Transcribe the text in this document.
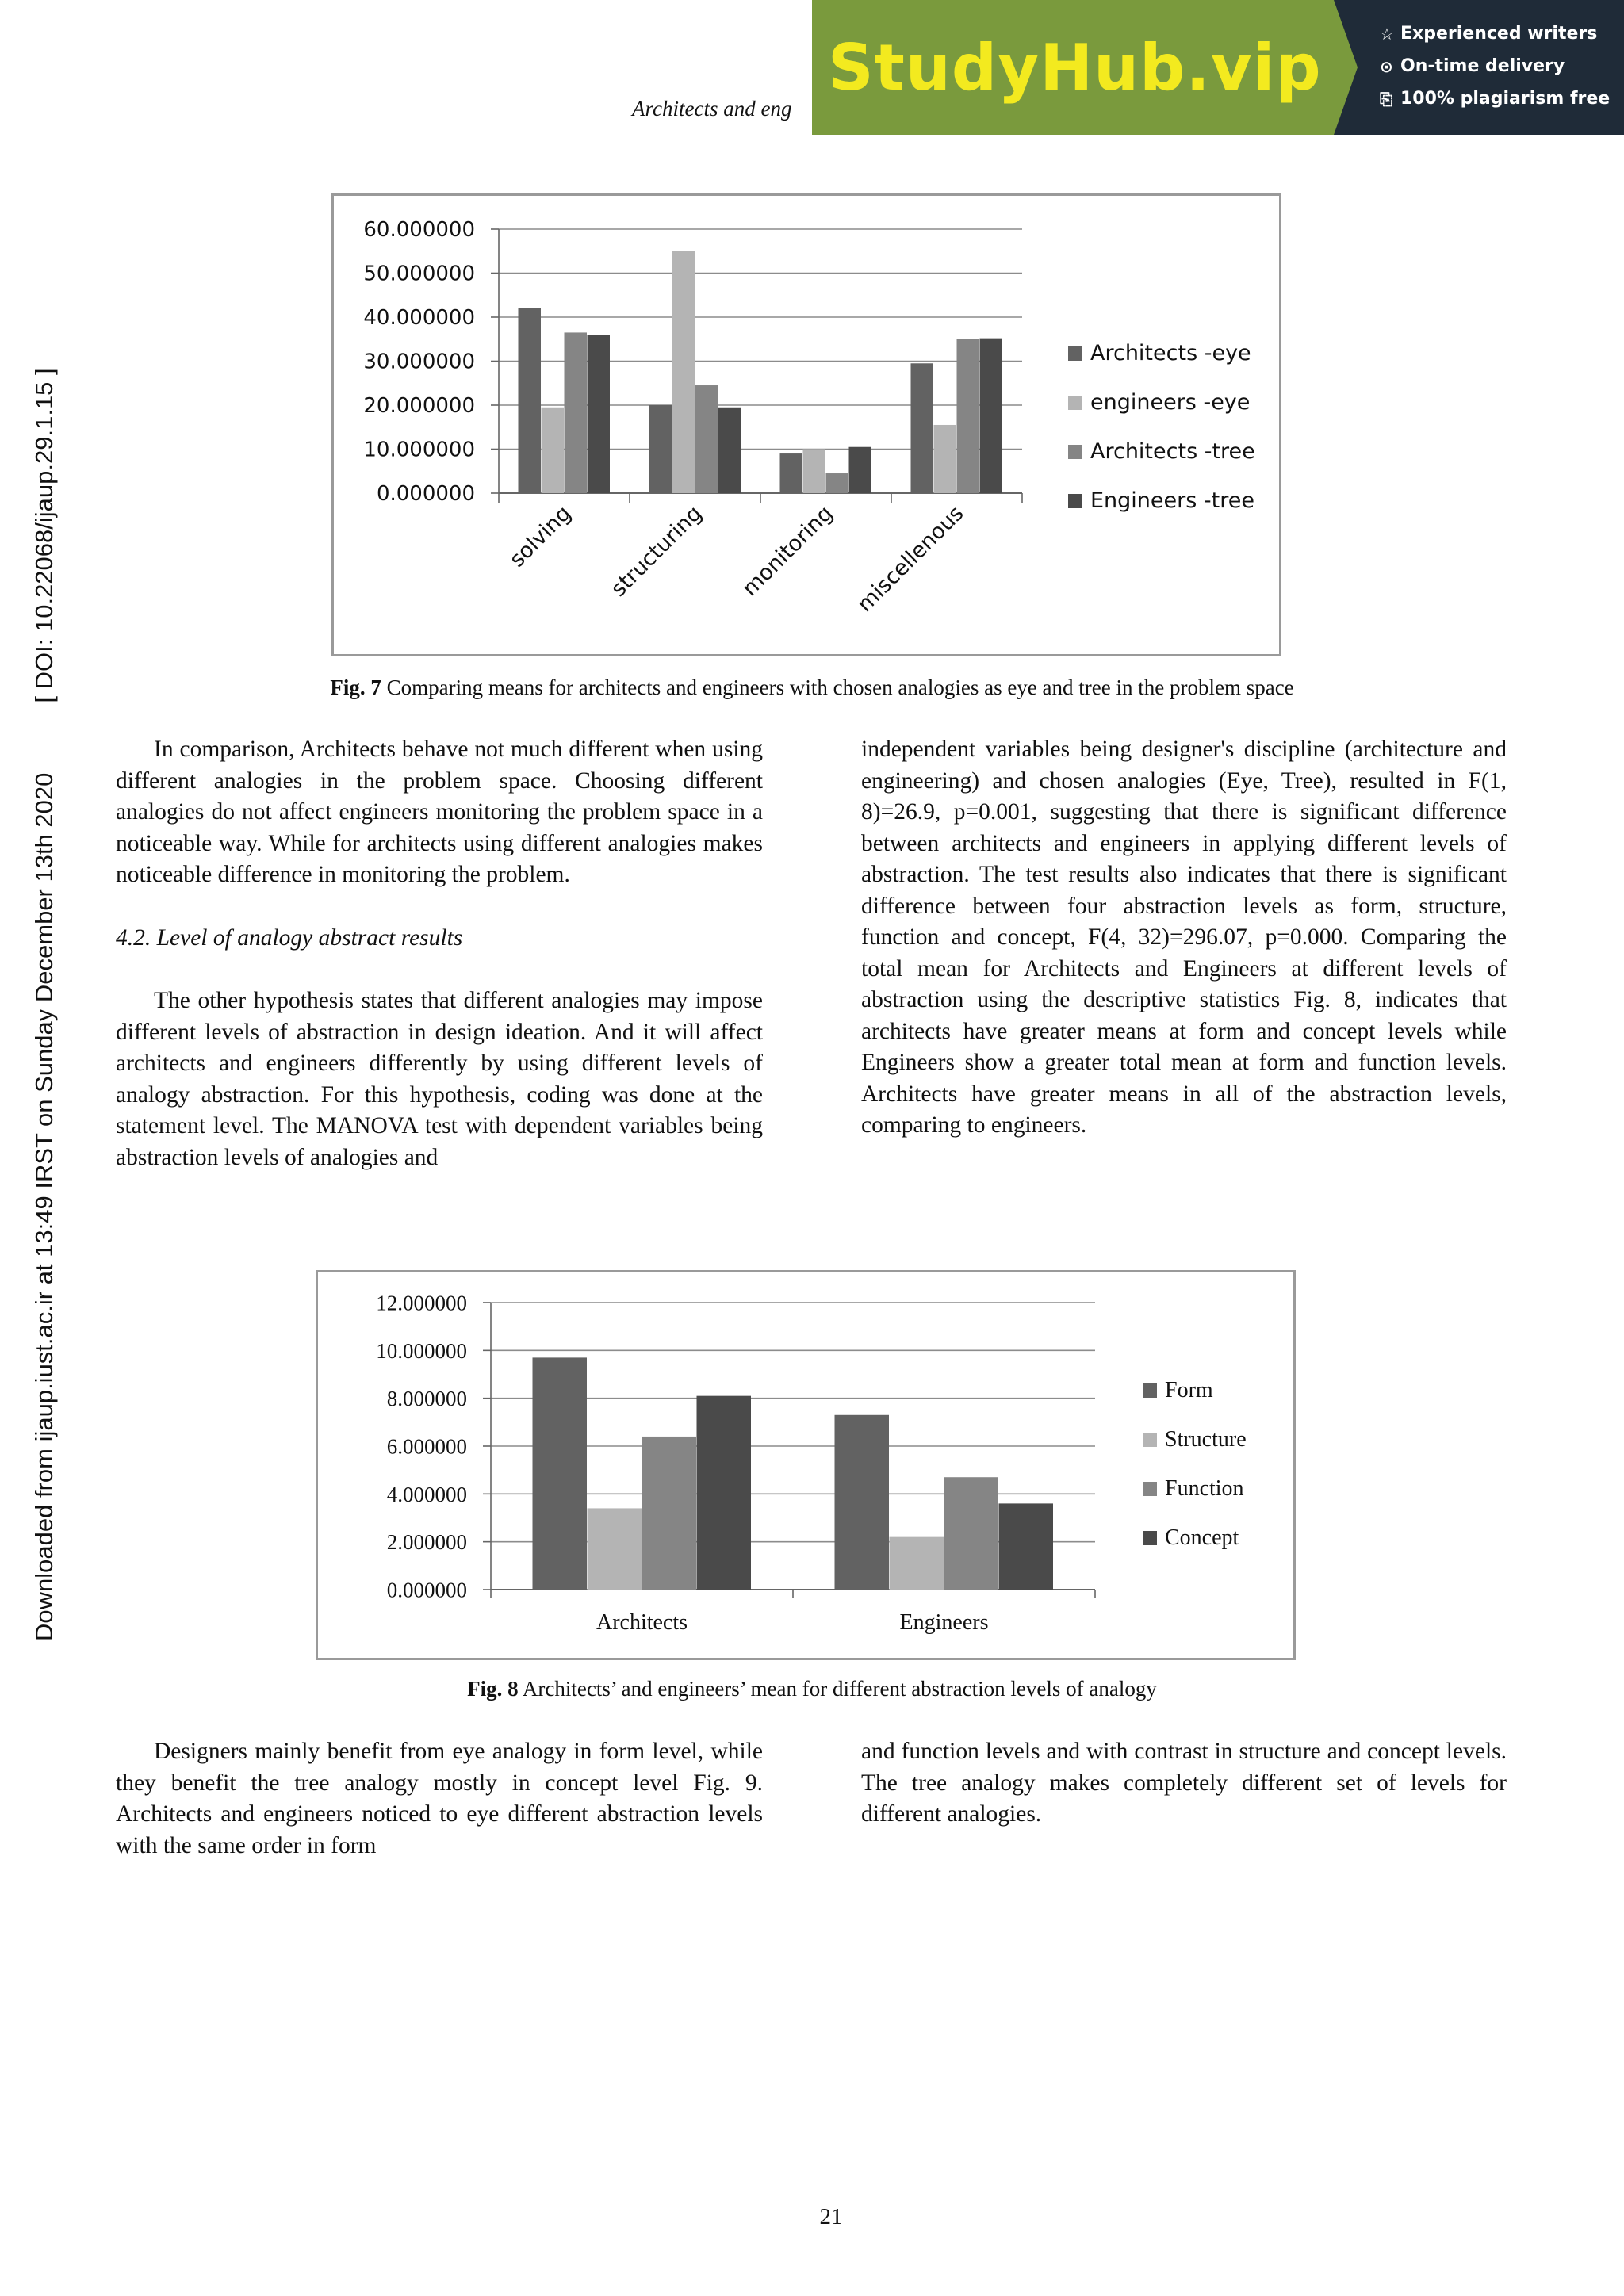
StudyHub.vip	☆ Experienced writers
⊙ On-time delivery
⎘ 100% plagiarism free
Architects and eng
Downloaded from ijaup.iust.ac.ir at 13:49 IRST on Sunday December 13th 2020[ DOI: 10.22068/ijaup.29.1.15 ]	0.000000
10.000000
20.000000
30.000000
40.000000
50.000000
60.000000
solving structuring monitoring miscellenous
Architects -eye
engineers -eye
Architects -tree
Engineers -tree
Fig. 7 Comparing means for architects and engineers with chosen analogies as eye and tree in the problem space

In comparison, Architects behave not much different when using different analogies in the problem space. Choosing different analogies do not affect engineers monitoring the problem space in a noticeable way. While for architects using different analogies makes noticeable difference in monitoring the problem.

4.2. Level of analogy abstract results

The other hypothesis states that different analogies may impose different levels of abstraction in design ideation. And it will affect architects and engineers differently by using different levels of analogy abstraction. For this hypothesis, coding was done at the statement level. The MANOVA test with dependent variables being abstraction levels of analogies and

independent variables being designer's discipline (architecture and engineering) and chosen analogies (Eye, Tree), resulted in F(1, 8)=26.9, p=0.001, suggesting that there is significant difference between architects and engineers in applying different levels of abstraction. The test results also indicates that there is significant difference between four abstraction levels as form, structure, function and concept, F(4, 32)=296.07, p=0.000. Comparing the total mean for Architects and Engineers at different levels of abstraction using the descriptive statistics Fig. 8, indicates that architects have greater means at form and concept levels while Engineers show a greater total mean at form and function levels. Architects have greater means in all of the abstraction levels, comparing to engineers.

0.000000
2.000000
4.000000
6.000000
8.000000
10.000000
12.000000
Architects	Engineers
Form
Structure
Function
Concept
Fig. 8 Architects’ and engineers’ mean for different abstraction levels of analogy

Designers mainly benefit from eye analogy in form level, while they benefit the tree analogy mostly in concept level Fig. 9. Architects and engineers noticed to eye different abstraction levels with the same order in form

and function levels and with contrast in structure and concept levels. The tree analogy makes completely different set of levels for different analogies.

21
